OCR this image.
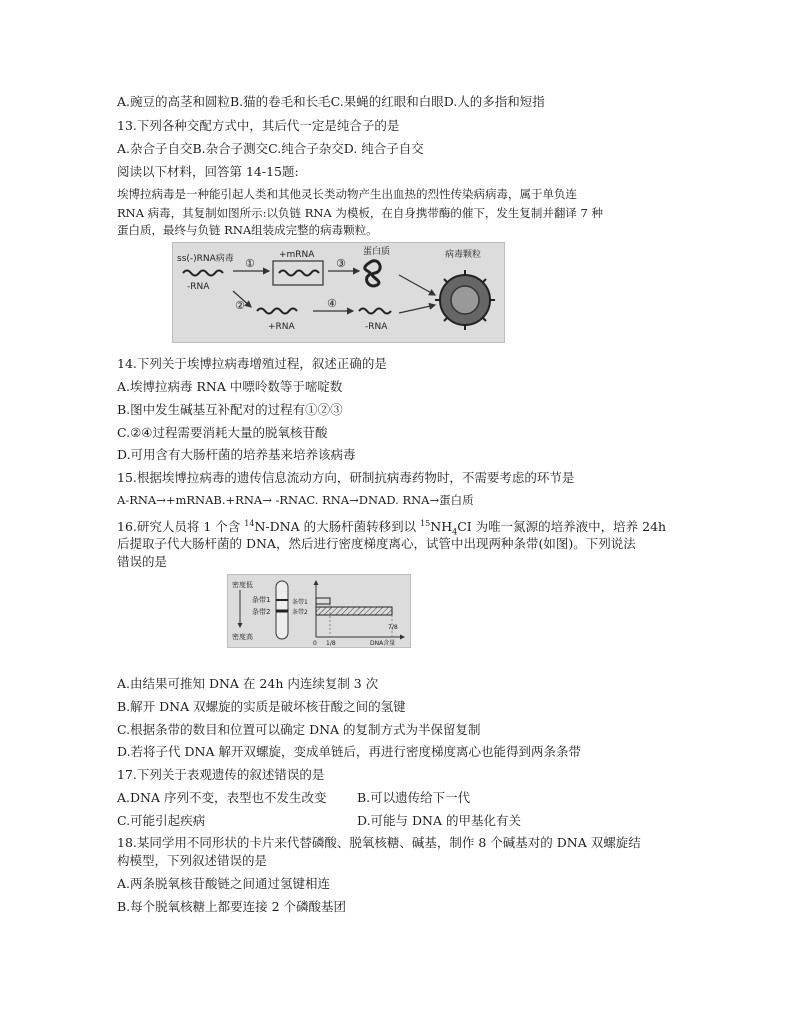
A.豌豆的高茎和圆粒B.猫的卷毛和长毛C.果蝇的红眼和白眼D.人的多指和短指
13.下列各种交配方式中，其后代一定是纯合子的是
A.杂合子自交B.杂合子测交C.纯合子杂交D. 纯合子自交
阅读以下材料，回答第 14-15题:
埃博拉病毒是一种能引起人类和其他灵长类动物产生出血热的烈性传染病病毒，属于单负连
RNA 病毒，其复制如图所示:以负链 RNA 为模板，在自身携带酶的催下，发生复制并翻译 7 种
蛋白质，最终与负链 RNA组装成完整的病毒颗粒。
ss(-)RNA病毒
-RNA
①
+mRNA
③
蛋白质
②
+RNA
④
-RNA
病毒颗粒
14.下列关于埃博拉病毒增殖过程，叙述正确的是
A.埃博拉病毒 RNA 中嘌呤数等于嘧啶数
B.图中发生碱基互补配对的过程有①②③
C.②④过程需要消耗大量的脱氧核苷酸
D.可用含有大肠杆菌的培养基来培养该病毒
15.根据埃博拉病毒的遗传信息流动方向，研制抗病毒药物时，不需要考虑的环节是
A-RNA→+mRNAB.+RNA→ -RNAC. RNA→DNAD. RNA→蛋白质
16.研究人员将 1 个含 $^{14}$N-DNA 的大肠杆菌转移到以 $^{15}NH_4CI$ 为唯一氮源的培养液中，培养 24h
后提取子代大肠杆菌的 DNA，然后进行密度梯度离心，试管中出现两种条带(如图)。下列说法
错误的是
密度低
密度高
条带1
条带2
条带1
条带2
0 1/8
7/8
DNA含量
A.由结果可推知 DNA 在 24h 内连续复制 3 次
B.解开 DNA 双螺旋的实质是破坏核苷酸之间的氢键
C.根据条带的数目和位置可以确定 DNA 的复制方式为半保留复制
D.若将子代 DNA 解开双螺旋，变成单链后，再进行密度梯度离心也能得到两条条带
17.下列关于表观遗传的叙述错误的是
A.DNA 序列不变，表型也不发生改变 B.可以遗传给下一代
C.可能引起疾病	D.可能与 DNA 的甲基化有关
18.某同学用不同形状的卡片来代替磷酸、脱氧核糖、碱基，制作 8 个碱基对的 DNA 双螺旋结
构模型，下列叙述错误的是
A.两条脱氧核苷酸链之间通过氢键相连
B.每个脱氧核糖上都要连接 2 个磷酸基团
